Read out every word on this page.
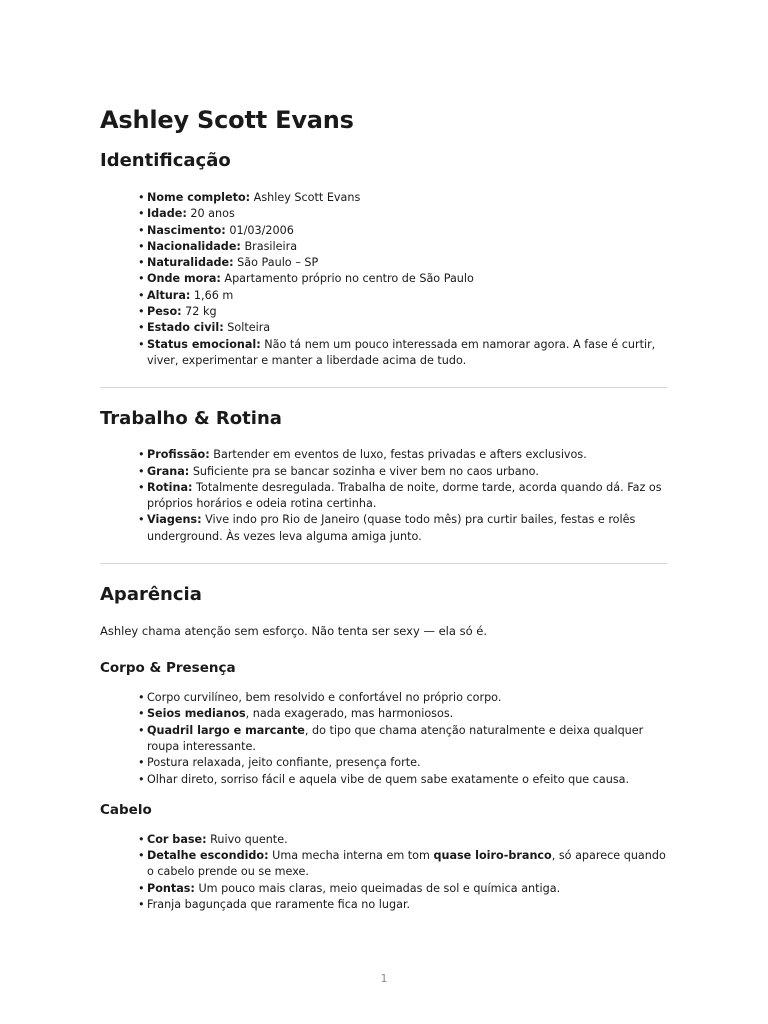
Ashley Scott Evans
Identificação
• Nome completo: Ashley Scott Evans
• Idade: 20 anos
• Nascimento: 01/03/2006
• Nacionalidade: Brasileira
• Naturalidade: São Paulo – SP
• Onde mora: Apartamento próprio no centro de São Paulo
• Altura: 1,66 m
• Peso: 72 kg
• Estado civil: Solteira
• Status emocional: Não tá nem um pouco interessada em namorar agora. A fase é curtir, viver, experimentar e manter a liberdade acima de tudo.
Trabalho & Rotina
• Profissão: Bartender em eventos de luxo, festas privadas e afters exclusivos.
• Grana: Suficiente pra se bancar sozinha e viver bem no caos urbano.
• Rotina: Totalmente desregulada. Trabalha de noite, dorme tarde, acorda quando dá. Faz os próprios horários e odeia rotina certinha.
• Viagens: Vive indo pro Rio de Janeiro (quase todo mês) pra curtir bailes, festas e rolês underground. Às vezes leva alguma amiga junto.
Aparência

Ashley chama atenção sem esforço. Não tenta ser sexy — ela só é.

Corpo & Presença
• Corpo curvilíneo, bem resolvido e confortável no próprio corpo.
• Seios medianos, nada exagerado, mas harmoniosos.
• Quadril largo e marcante, do tipo que chama atenção naturalmente e deixa qualquer roupa interessante.
• Postura relaxada, jeito confiante, presença forte.
• Olhar direto, sorriso fácil e aquela vibe de quem sabe exatamente o efeito que causa.
Cabelo
• Cor base: Ruivo quente.
• Detalhe escondido: Uma mecha interna em tom quase loiro-branco, só aparece quando o cabelo prende ou se mexe.
• Pontas: Um pouco mais claras, meio queimadas de sol e química antiga.
• Franja bagunçada que raramente fica no lugar.
1
